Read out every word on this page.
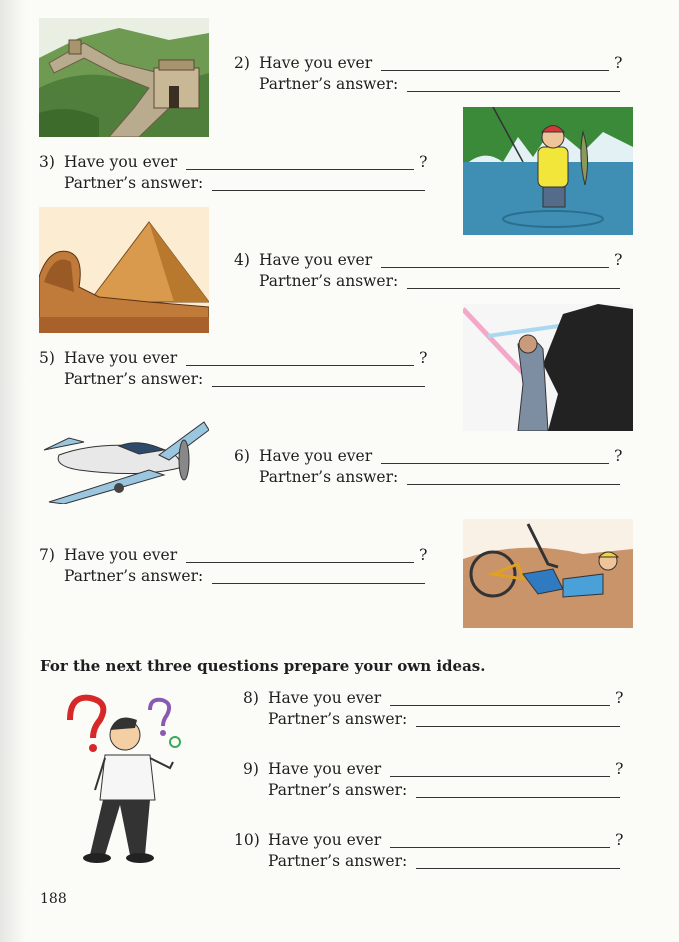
2) Have you ever	?
Partner’s answer:
3) Have you ever	?
Partner’s answer:
4) Have you ever	?
Partner’s answer:
5) Have you ever	?
Partner’s answer:
6) Have you ever	?
Partner’s answer:
7) Have you ever	?
Partner’s answer:
For the next three questions prepare your own ideas.
8) Have you ever	?
Partner’s answer:
9) Have you ever	?
Partner’s answer:
10) Have you ever	?
Partner’s answer:
188
